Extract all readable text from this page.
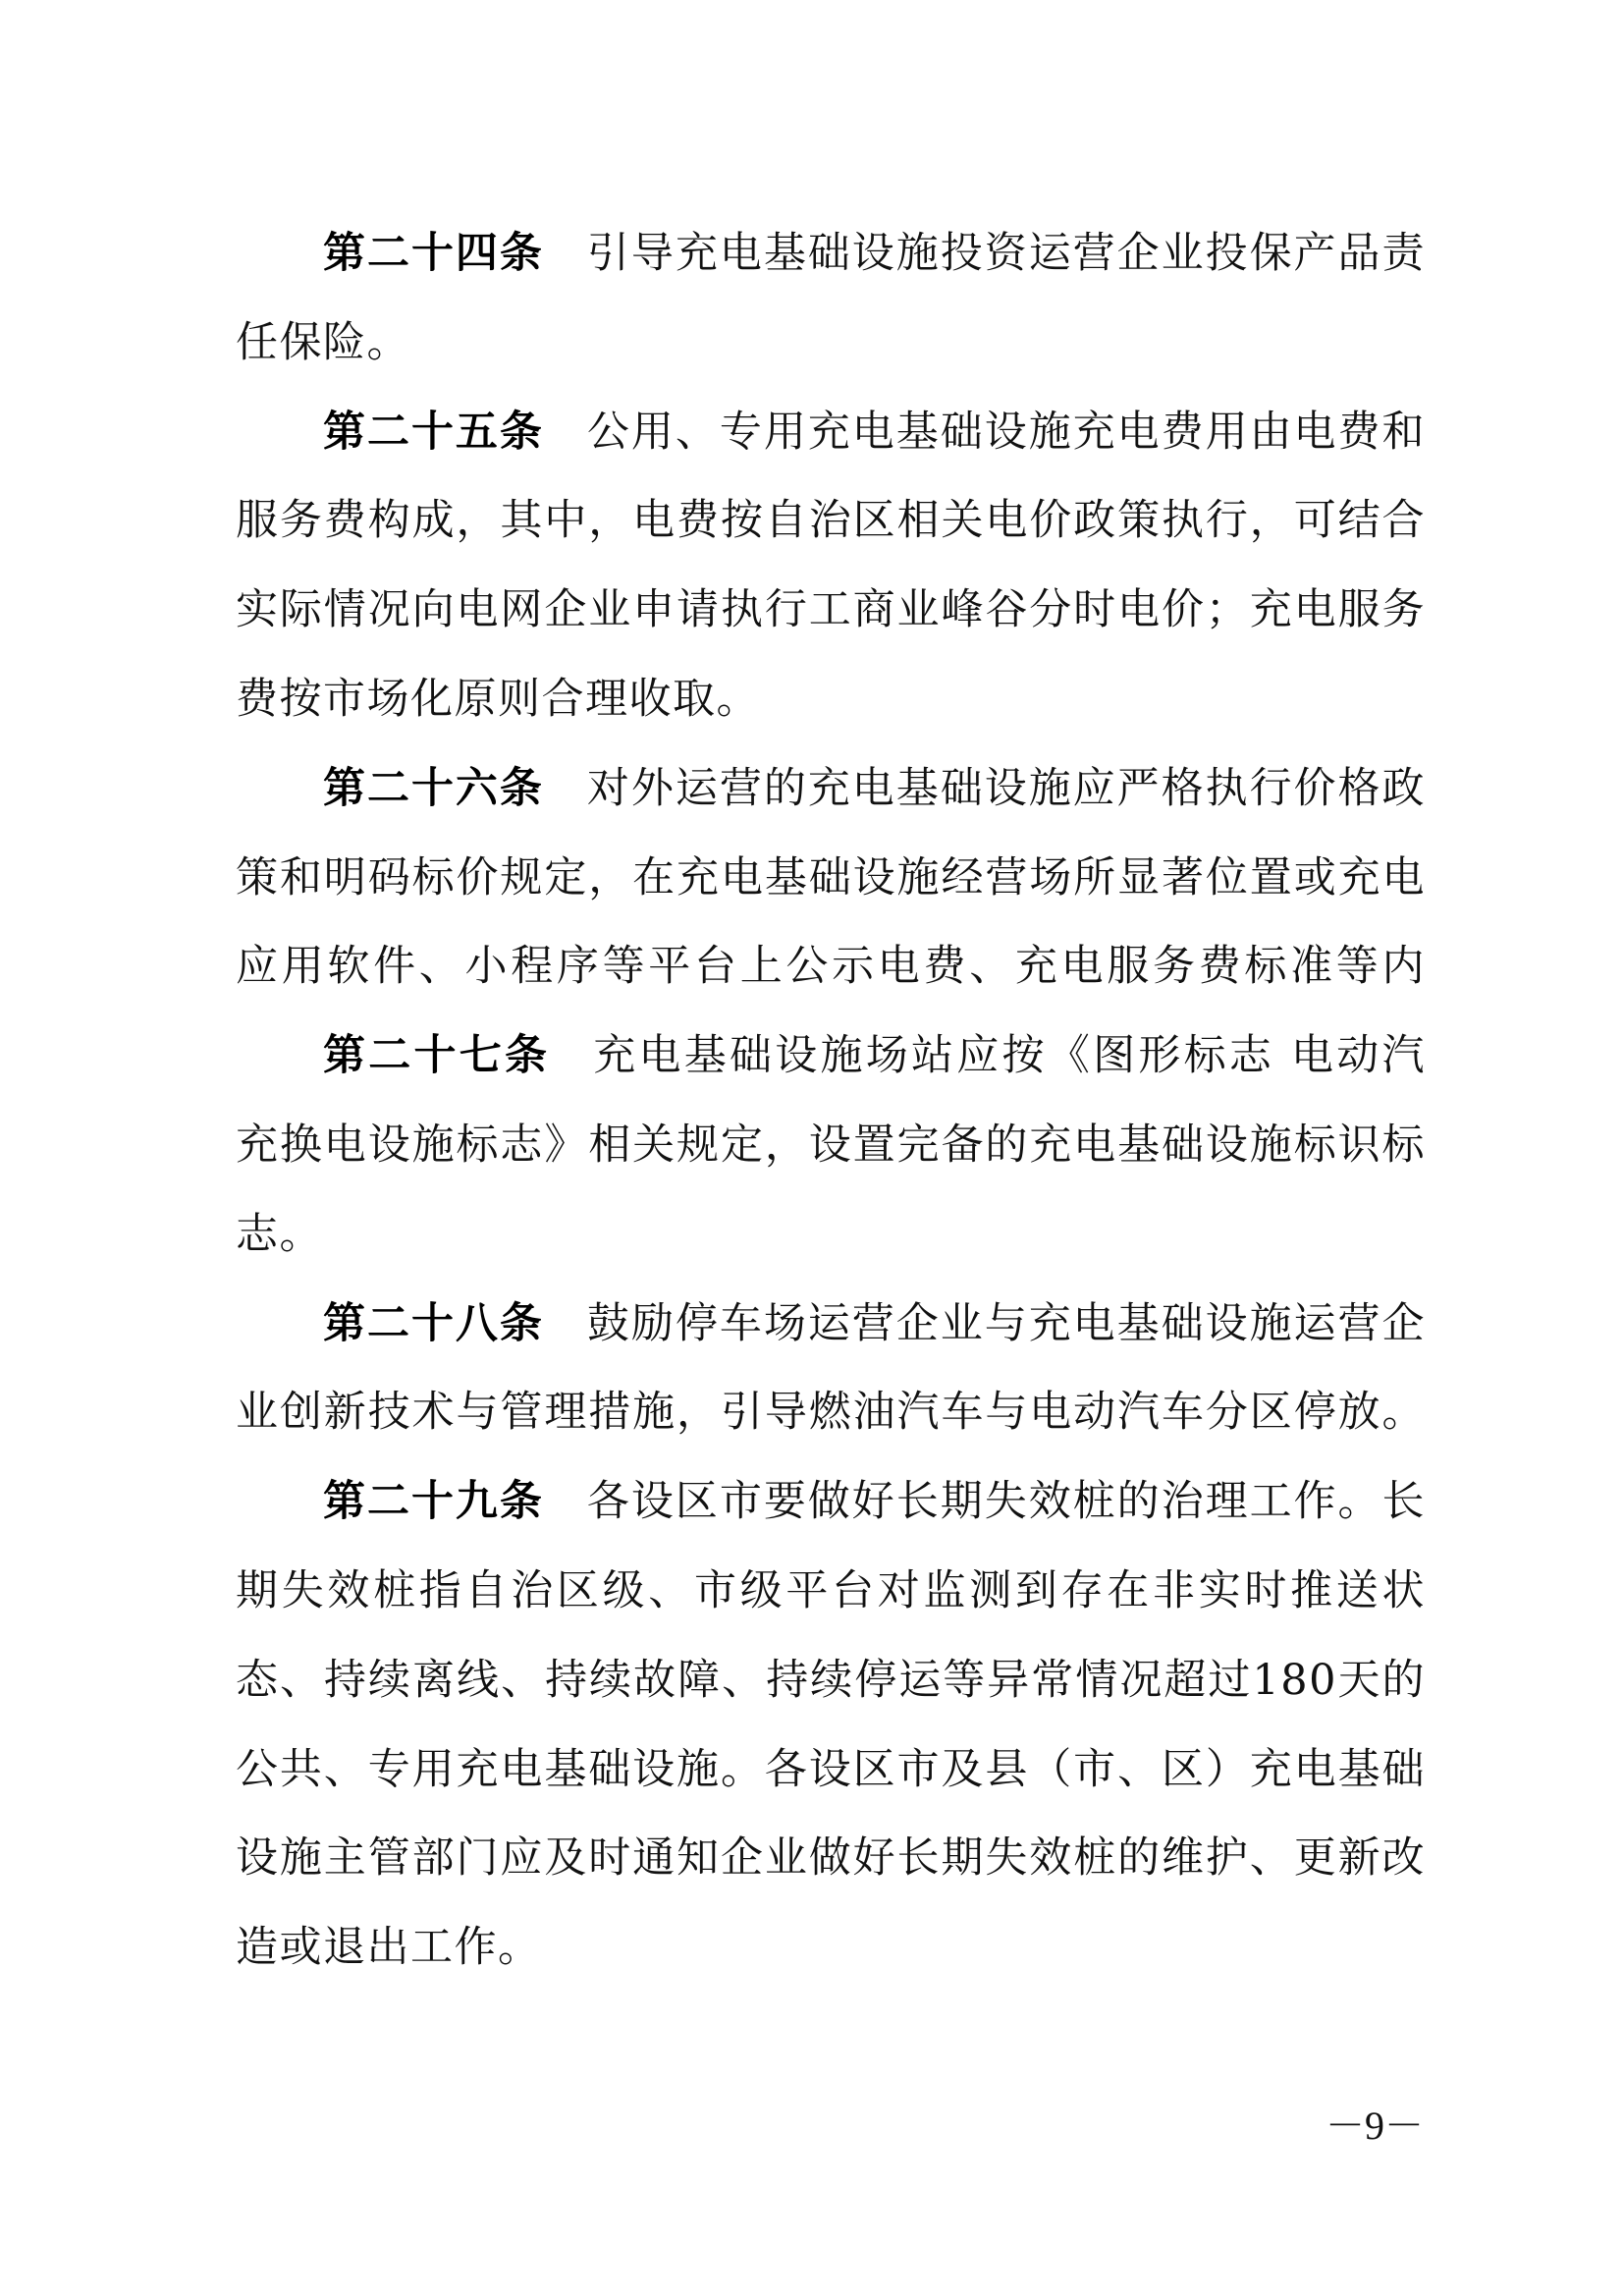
第二十四条 引导充电基础设施投资运营企业投保产品责
任保险。
第二十五条 公用、专用充电基础设施充电费用由电费和
服务费构成，其中，电费按自治区相关电价政策执行，可结合
实际情况向电网企业申请执行工商业峰谷分时电价；充电服务
费按市场化原则合理收取。
第二十六条 对外运营的充电基础设施应严格执行价格政
策和明码标价规定，在充电基础设施经营场所显著位置或充电
应用软件、小程序等平台上公示电费、充电服务费标准等内
第二十七条 充电基础设施场站应按《图形标志 电动汽
充换电设施标志》相关规定，设置完备的充电基础设施标识标
志。
第二十八条 鼓励停车场运营企业与充电基础设施运营企
业创新技术与管理措施，引导燃油汽车与电动汽车分区停放。
第二十九条 各设区市要做好长期失效桩的治理工作。长
期失效桩指自治区级、市级平台对监测到存在非实时推送状
态、持续离线、持续故障、持续停运等异常情况超过180天的
公共、专用充电基础设施。各设区市及县（市、区）充电基础
设施主管部门应及时通知企业做好长期失效桩的维护、更新改
造或退出工作。
－9－
